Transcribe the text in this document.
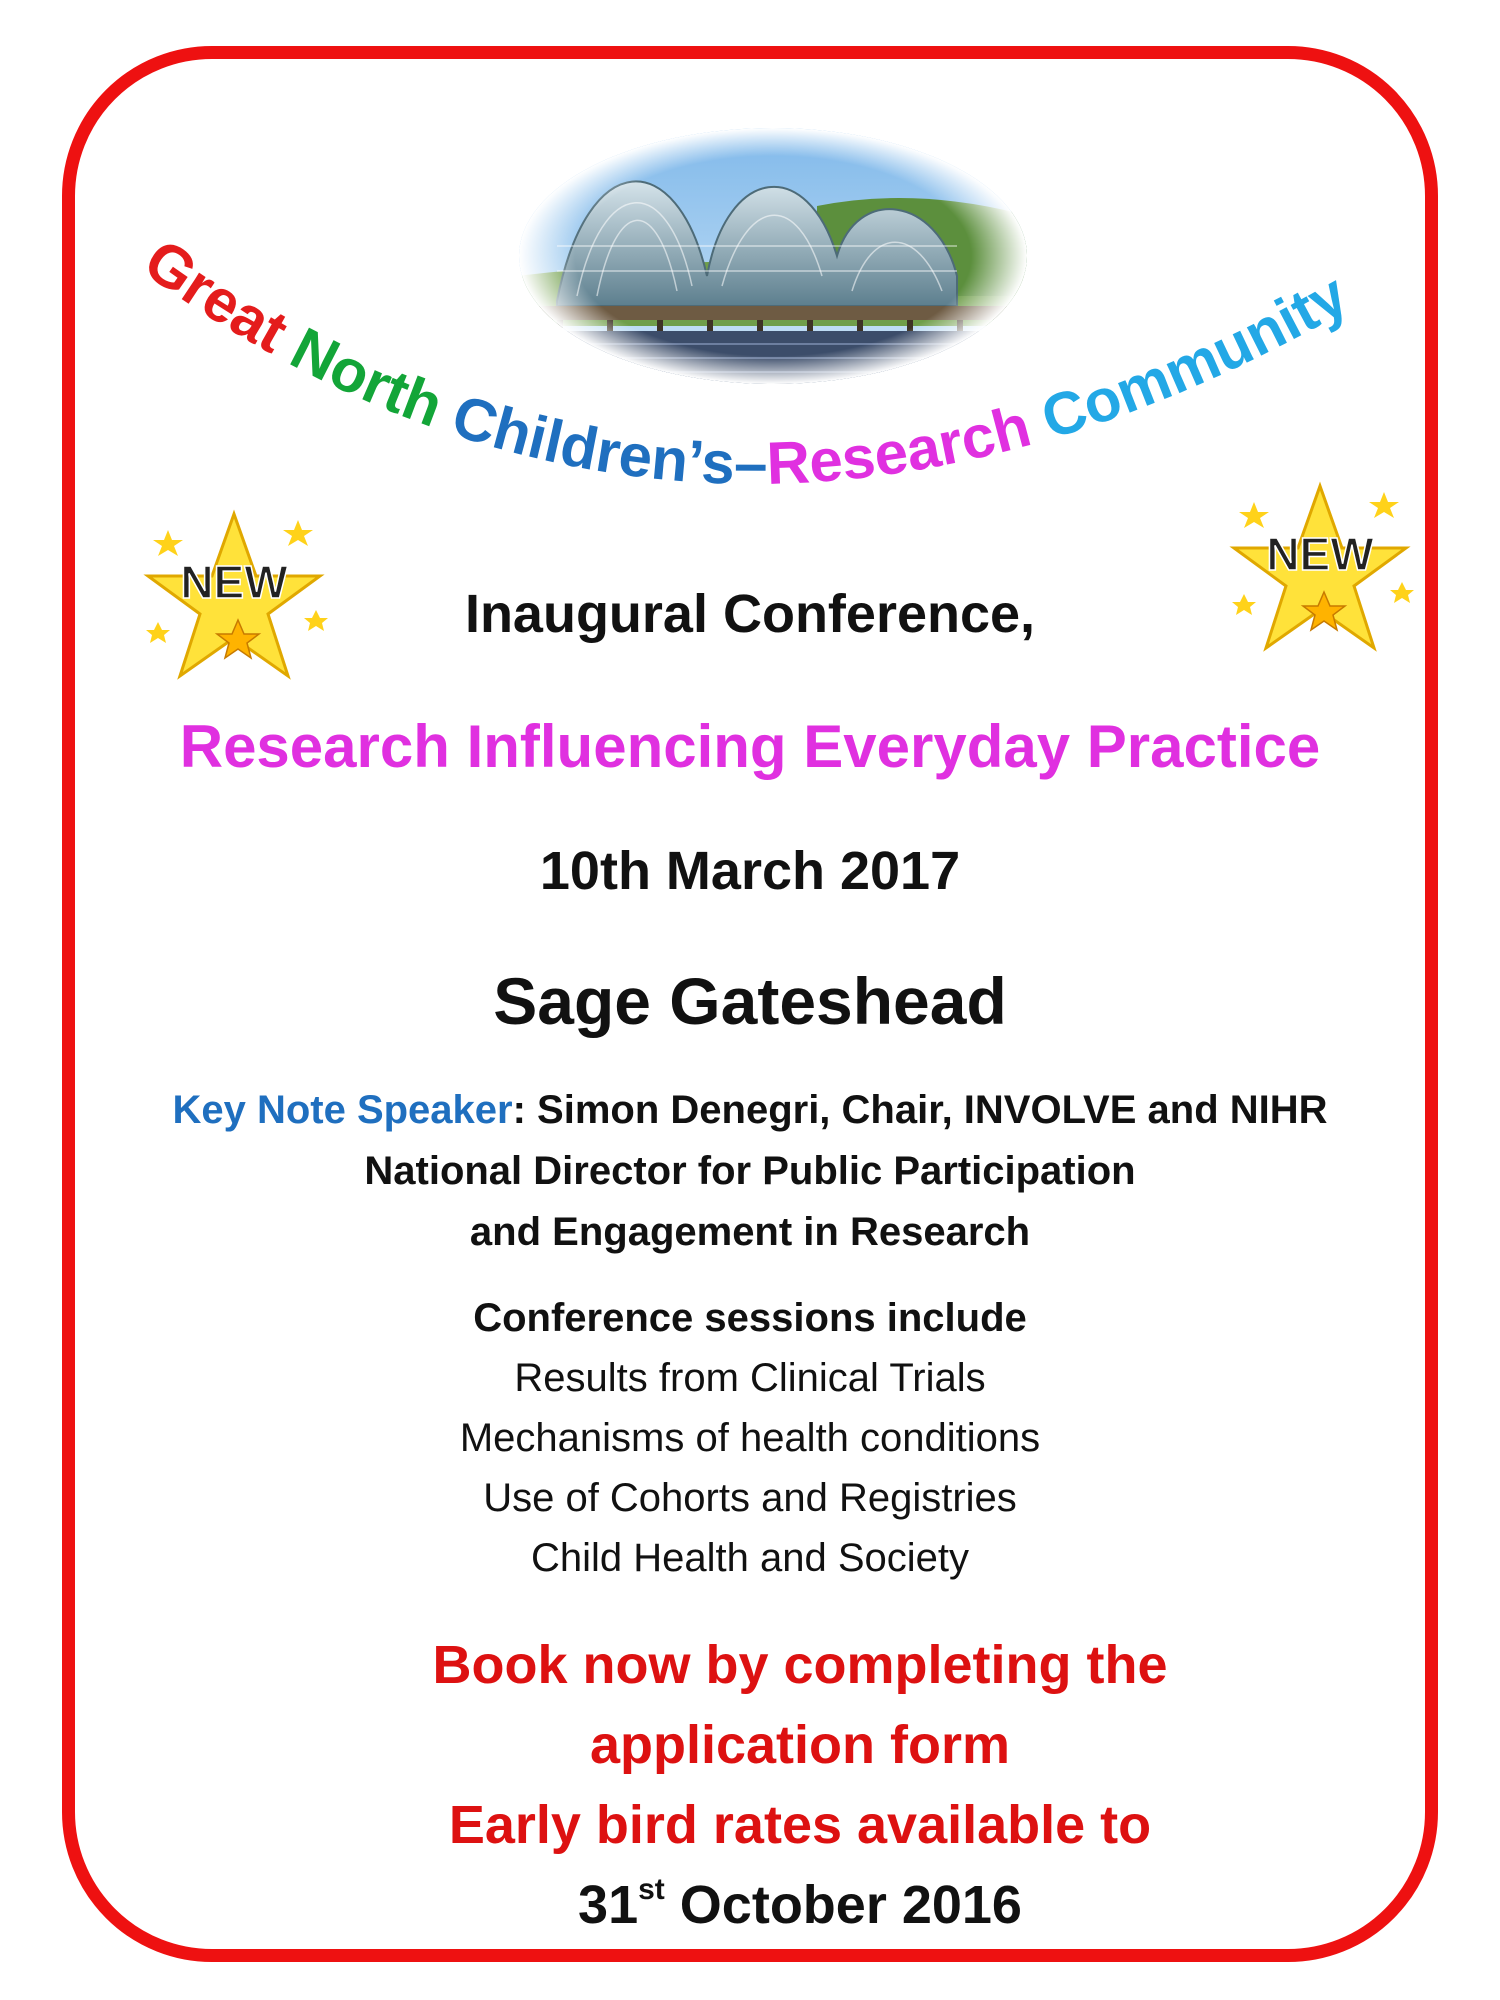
Great North Children’s–Research Community
NEW
NEW

Inaugural Conference,

Research Influencing Everyday Practice

10th March 2017

Sage Gateshead

Key Note Speaker: Simon Denegri, Chair, INVOLVE and NIHR

National Director for Public Participation

and Engagement in Research

Conference sessions include

Results from Clinical Trials

Mechanisms of health conditions

Use of Cohorts and Registries

Child Health and Society

Book now by completing the

application form

Early bird rates available to

31st October 2016
